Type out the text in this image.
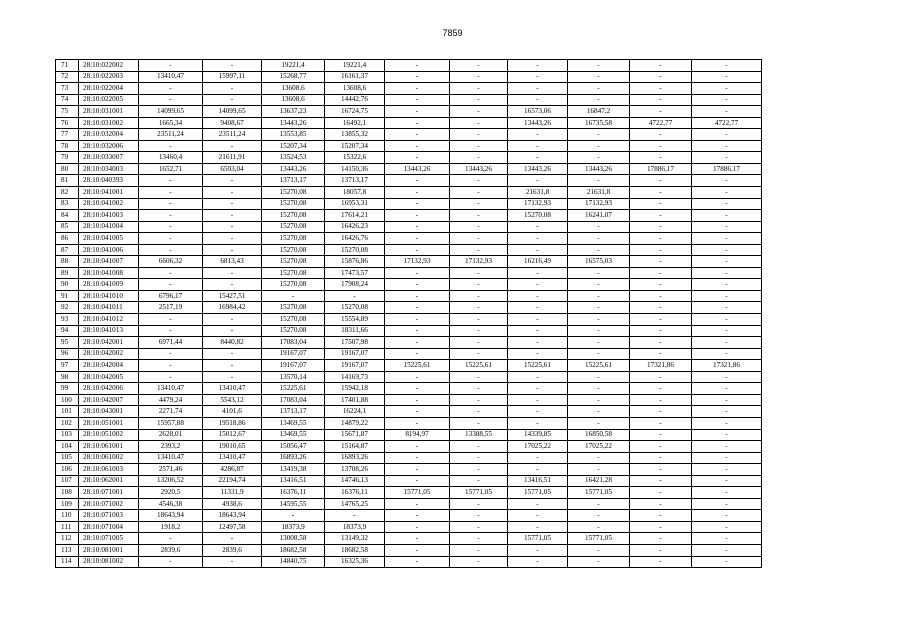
7859
71	28:10:022002	-	-	19221,4	19221,4	-	-	-	-	-	-
72	28:10:022003	13410,47	15997,11	15268,77	16161,37	-	-	-	-	-	-
73	28:10:022004	-	-	13608,6	13608,6	-	-	-	-	-	-
74	28:10:022005	-	-	13608,6	14442,76	-	-	-	-	-	-
75	28:10:031001	14099,65	14099,65	13637,23	16724,75	-	-	16573,06	16847,2	-	-
76	28:10:031002	1665,34	9408,67	13443,26	16492,1	-	-	13443,26	16735,58	4722,77	4722,77
77	28:10:032004	23511,24	23511,24	13553,85	13855,32	-	-	-	-	-	-
78	28:10:032006	-	-	15207,34	15207,34	-	-	-	-	-	-
79	28:10:033007	13460,4	21611,91	13524,53	15322,6	-	-	-	-	-	-
80	28:10:034003	1652,71	6503,04	13443,26	14150,36	13443,26	13443,26	13443,26	13443,26	17886,17	17886,17
81	28:10:040393	-	-	13713,17	13713,17	-	-	-	-	-	-
82	28:10:041001	-	-	15270,08	18057,8	-	-	21631,8	21631,8	-	-
83	28:10:041002	-	-	15270,08	16953,31	-	-	17132,93	17132,93	-	-
84	28:10:041003	-	-	15270,08	17614,21	-	-	15270,08	16241,07	-	-
85	28:10:041004	-	-	15270,08	16426,23	-	-	-	-	-	-
86	28:10:041005	-	-	15270,08	16426,76	-	-	-	-	-	-
87	28:10:041006	-	-	15270,08	15270,08	-	-	-	-	-	-
88	28:10:041007	6606,32	6813,43	15270,08	15876,86	17132,93	17132,93	16216,49	16575,03	-	-
89	28:10:041008	-	-	15270,08	17473,57	-	-	-	-	-	-
90	28:10:041009	-	-	15270,08	17908,24	-	-	-	-	-	-
91	28:10:041010	6796,17	15427,51	-	-	-	-	-	-	-	-
92	28:10:041011	2517,19	16984,42	15270,08	15270,08	-	-	-	-	-	-
93	28:10:041012	-	-	15270,08	15554,89	-	-	-	-	-	-
94	28:10:041013	-	-	15270,08	18311,66	-	-	-	-	-	-
95	28:10:042001	6971,44	8440,82	17083,04	17507,98	-	-	-	-	-	-
96	28:10:042002	-	-	19167,07	19167,07	-	-	-	-	-	-
97	28:10:042004	-	-	19167,07	19167,07	15225,61	15225,61	15225,61	15225,61	17321,86	17321,86
98	28:10:042005	-	-	13570,14	14169,73	-	-	-	-	-	-
99	28:10:042006	13410,47	13410,47	15225,61	15942,18	-	-	-	-	-	-
100	28:10:042007	4479,24	5543,12	17083,04	17401,88	-	-	-	-	-	-
101	28:10:043001	2271,74	4101,6	13713,17	16224,1	-	-	-	-	-	-
102	28:10:051001	15957,88	19518,86	13469,55	14879,22	-	-	-	-	-	-
103	28:10:051002	2628,01	15012,67	13469,55	15671,87	8194,97	13388,55	14339,85	16850,58	-	-
104	28:10:061001	2393,2	19010,65	15056,47	15164,87	-	-	17025,22	17025,22	-	-
105	28:10:061002	13410,47	13410,47	16893,26	16893,26	-	-	-	-	-	-
106	28:10:061003	2571,46	4286,87	13419,38	13708,26	-	-	-	-	-	-
107	28:10:062001	13206,52	22194,74	13416,51	14746,13	-	-	13416,51	16421,28	-	-
108	28:10:071001	2920,5	11331,9	16376,11	16376,11	15771,05	15771,05	15771,05	15771,05	-	-
109	28:10:071002	4546,38	4938,6	14595,55	14765,25	-	-	-	-	-	-
110	28:10:071003	18643,94	18643,94	-	-	-	-	-	-	-	-
111	28:10:071004	1918,2	12497,58	18373,9	18373,9	-	-	-	-	-	-
112	28:10:071005	-	-	13008,58	13149,32	-	-	15771,05	15771,05	-	-
113	28:10:081001	2839,6	2839,6	18682,58	18682,58	-	-	-	-	-	-
114	28:10:081002	-	-	14840,75	16325,36	-	-	-	-	-	-
